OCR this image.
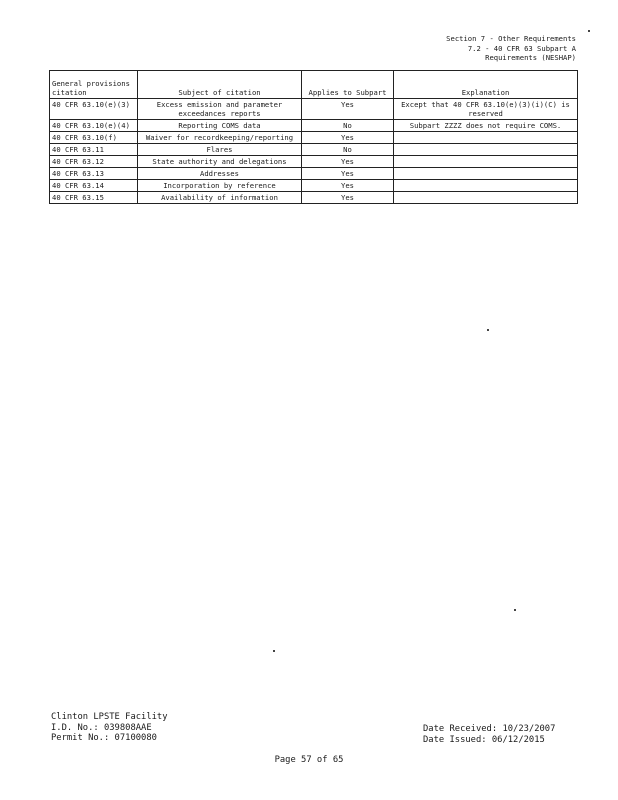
Section 7 - Other Requirements
7.2 - 40 CFR 63 Subpart A
Requirements (NESHAP)
General provisions citation	Subject of citation	Applies to Subpart	Explanation
40 CFR 63.10(e)(3)	Excess emission and parameter exceedances reports	Yes	Except that 40 CFR 63.10(e)(3)(i)(C) is reserved
40 CFR 63.10(e)(4)	Reporting COMS data	No	Subpart ZZZZ does not require COMS.
40 CFR 63.10(f)	Waiver for recordkeeping/reporting	Yes	
40 CFR 63.11	Flares	No	
40 CFR 63.12	State authority and delegations	Yes	
40 CFR 63.13	Addresses	Yes	
40 CFR 63.14	Incorporation by reference	Yes	
40 CFR 63.15	Availability of information	Yes	
Clinton LPSTE Facility
I.D. No.: 039808AAE
Permit No.: 07100080
Date Received: 10/23/2007
Date Issued: 06/12/2015
Page 57 of 65
